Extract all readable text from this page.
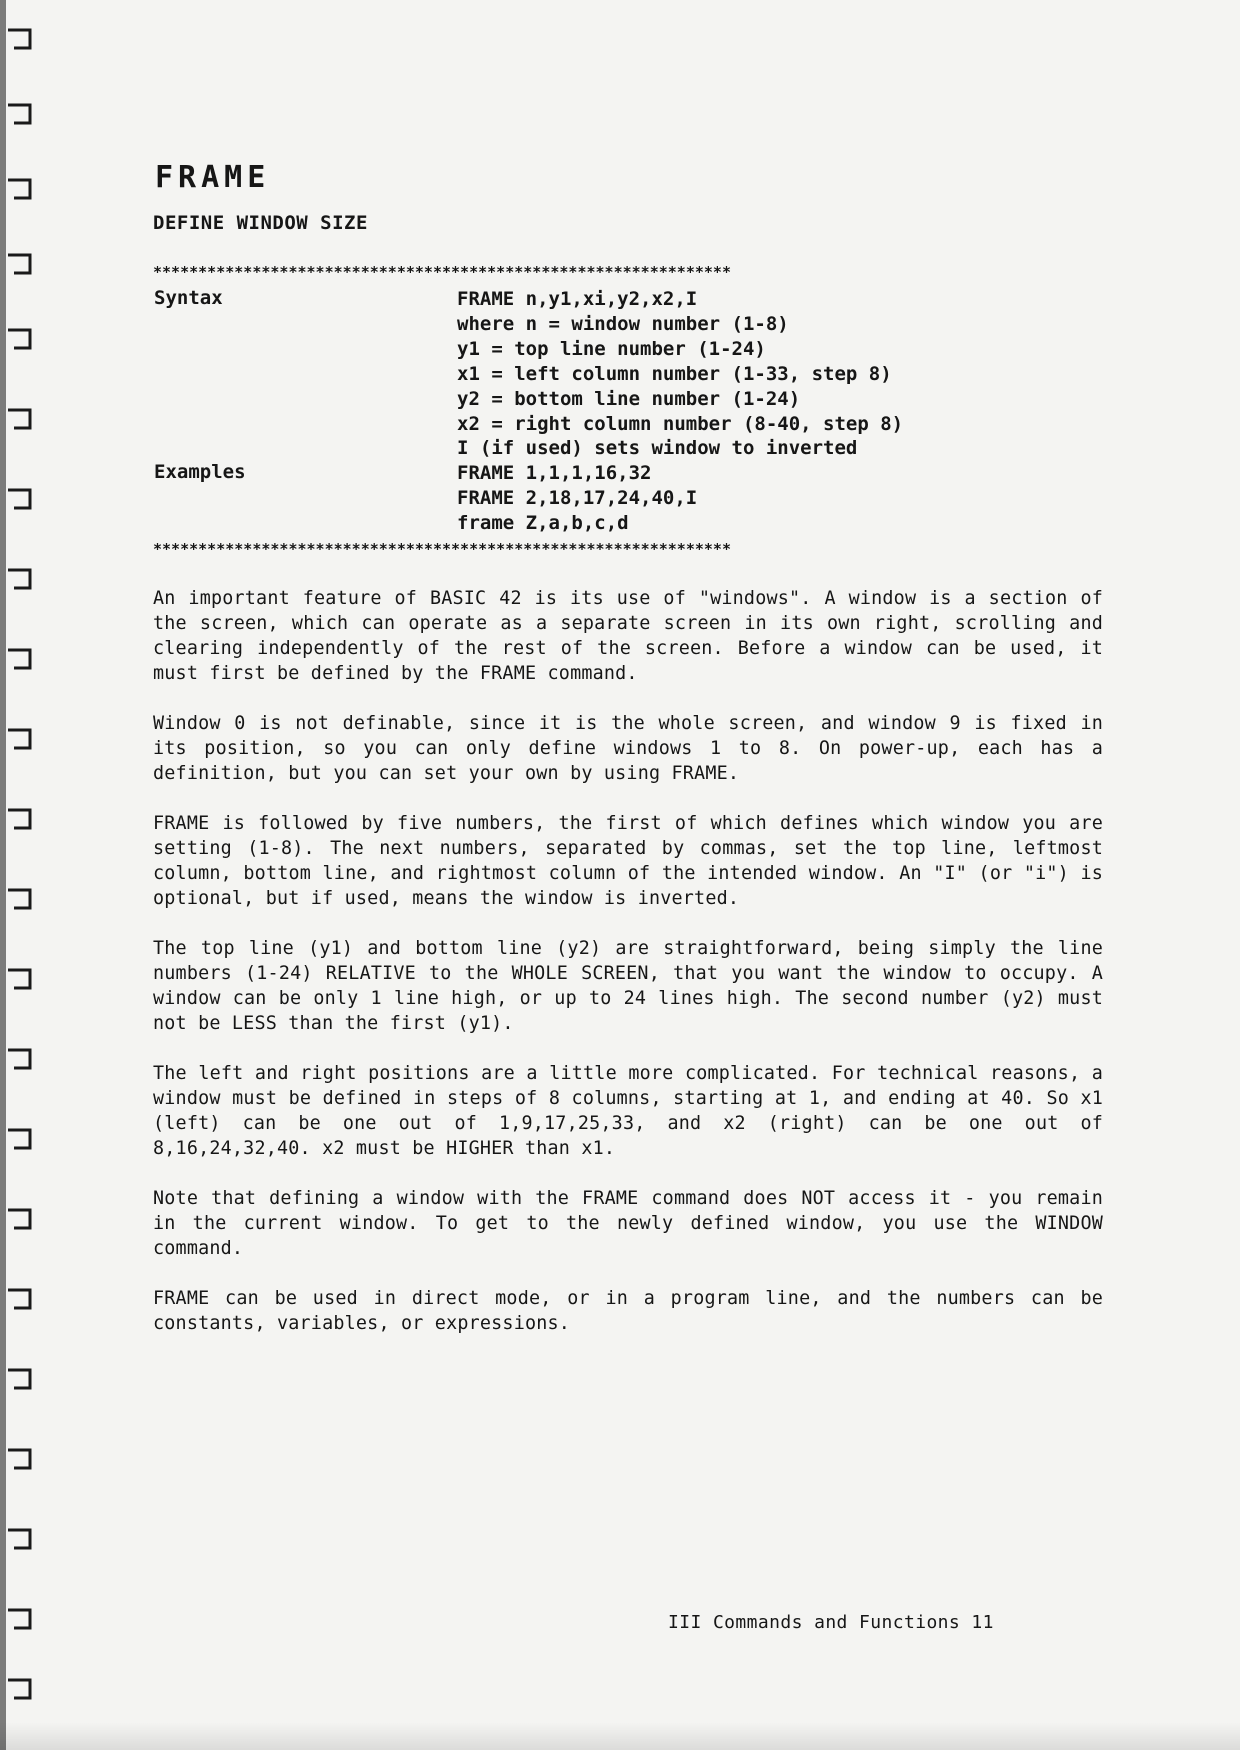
FRAME
DEFINE WINDOW SIZE
****************************************************************
Syntax	FRAME n,y1,xi,y2,x2,I
where n = window number (1-8)
y1 = top line number (1-24)
x1 = left column number (1-33, step 8)
y2 = bottom line number (1-24)
x2 = right column number (8-40, step 8)
I (if used) sets window to inverted
Examples	FRAME 1,1,1,16,32
FRAME 2,18,17,24,40,I
frame Z,a,b,c,d
****************************************************************

An important feature of BASIC 42 is its use of "windows". A window is a section of the screen, which can operate as a separate screen in its own right, scrolling and clearing independently of the rest of the screen. Before a window can be used, it must first be defined by the FRAME command.

Window 0 is not definable, since it is the whole screen, and window 9 is fixed in its position, so you can only define windows 1 to 8. On power-up, each has a definition, but you can set your own by using FRAME.

FRAME is followed by five numbers, the first of which defines which window you are setting (1-8). The next numbers, separated by commas, set the top line, leftmost column, bottom line, and rightmost column of the intended window. An "I" (or "i") is optional, but if used, means the window is inverted.

The top line (y1) and bottom line (y2) are straightforward, being simply the line numbers (1-24) RELATIVE to the WHOLE SCREEN, that you want the window to occupy. A window can be only 1 line high, or up to 24 lines high. The second number (y2) must not be LESS than the first (y1).

The left and right positions are a little more complicated. For technical reasons, a window must be defined in steps of 8 columns, starting at 1, and ending at 40. So x1 (left) can be one out of 1,9,17,25,33, and x2 (right) can be one out of 8,16,24,32,40. x2 must be HIGHER than x1.

Note that defining a window with the FRAME command does NOT access it - you remain in the current window. To get to the newly defined window, you use the WINDOW command.

FRAME can be used in direct mode, or in a program line, and the numbers can be constants, variables, or expressions.

III Commands and Functions 11
